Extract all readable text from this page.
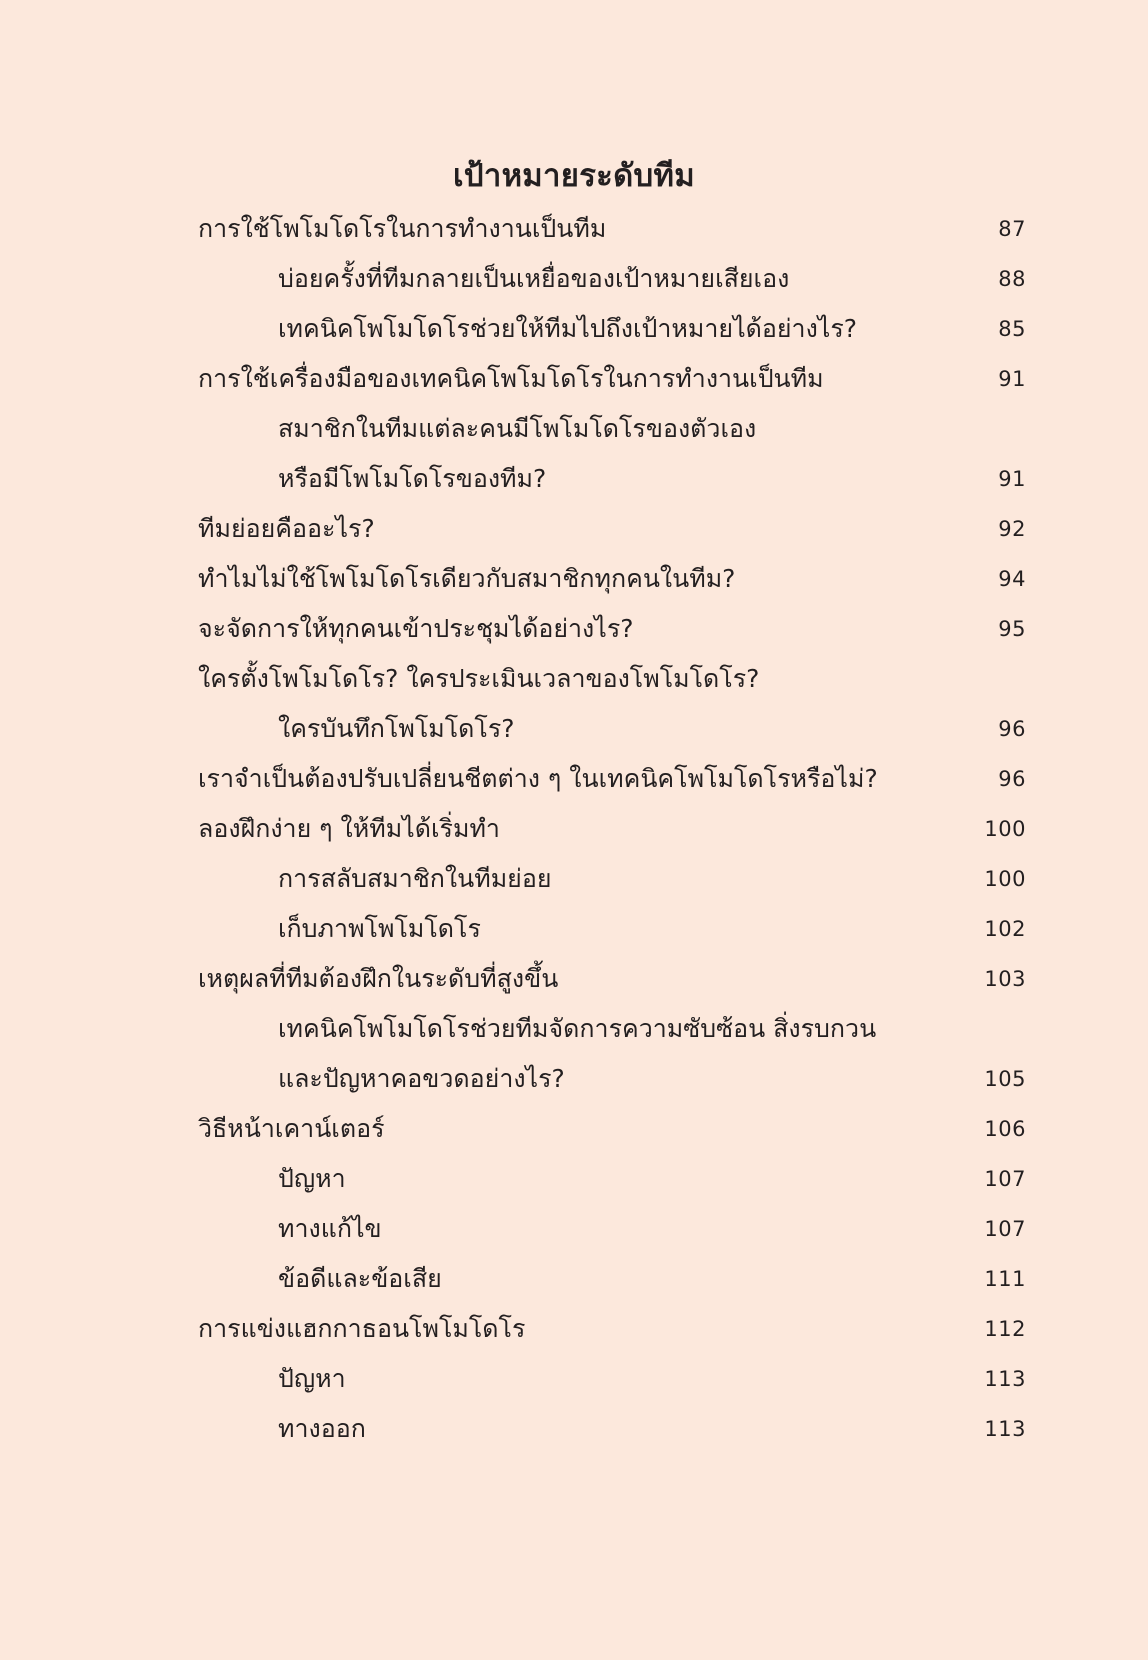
เป้าหมายระดับทีม
การใช้โพโมโดโรในการทำงานเป็นทีม	87
บ่อยครั้งที่ทีมกลายเป็นเหยื่อของเป้าหมายเสียเอง	88
เทคนิคโพโมโดโรช่วยให้ทีมไปถึงเป้าหมายได้อย่างไร?	85
การใช้เครื่องมือของเทคนิคโพโมโดโรในการทำงานเป็นทีม	91
สมาชิกในทีมแต่ละคนมีโพโมโดโรของตัวเอง
หรือมีโพโมโดโรของทีม?	91
ทีมย่อยคืออะไร?	92
ทำไมไม่ใช้โพโมโดโรเดียวกับสมาชิกทุกคนในทีม?	94
จะจัดการให้ทุกคนเข้าประชุมได้อย่างไร?	95
ใครตั้งโพโมโดโร? ใครประเมินเวลาของโพโมโดโร?
ใครบันทึกโพโมโดโร?	96
เราจำเป็นต้องปรับเปลี่ยนชีตต่าง ๆ ในเทคนิคโพโมโดโรหรือไม่?	96
ลองฝึกง่าย ๆ ให้ทีมได้เริ่มทำ	100
การสลับสมาชิกในทีมย่อย	100
เก็บภาพโพโมโดโร	102
เหตุผลที่ทีมต้องฝึกในระดับที่สูงขึ้น	103
เทคนิคโพโมโดโรช่วยทีมจัดการความซับซ้อน สิ่งรบกวน
และปัญหาคอขวดอย่างไร?	105
วิธีหน้าเคาน์เตอร์	106
ปัญหา	107
ทางแก้ไข	107
ข้อดีและข้อเสีย	111
การแข่งแฮกกาธอนโพโมโดโร	112
ปัญหา	113
ทางออก	113
